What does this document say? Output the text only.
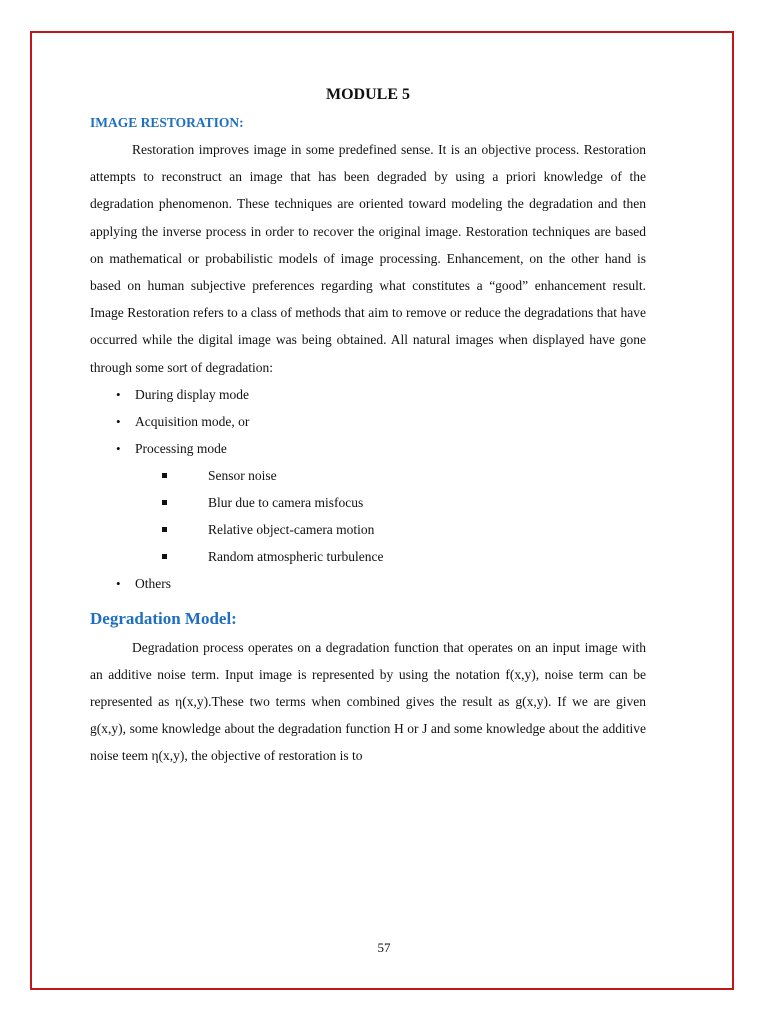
MODULE 5
IMAGE RESTORATION:

Restoration improves image in some predefined sense. It is an objective process. Restoration attempts to reconstruct an image that has been degraded by using a priori knowledge of the degradation phenomenon. These techniques are oriented toward modeling the degradation and then applying the inverse process in order to recover the original image. Restoration techniques are based on mathematical or probabilistic models of image processing. Enhancement, on the other hand is based on human subjective preferences regarding what constitutes a “good” enhancement result. Image Restoration refers to a class of methods that aim to remove or reduce the degradations that have occurred while the digital image was being obtained. All natural images when displayed have gone through some sort of degradation:

• During display mode
• Acquisition mode, or
• Processing mode
Sensor noise
Blur due to camera misfocus
Relative object-camera motion
Random atmospheric turbulence
• Others
Degradation Model:

Degradation process operates on a degradation function that operates on an input image with an additive noise term. Input image is represented by using the notation f(x,y), noise term can be represented as η(x,y).These two terms when combined gives the result as g(x,y). If we are given g(x,y), some knowledge about the degradation function H or J and some knowledge about the additive noise teem η(x,y), the objective of restoration is to

57
